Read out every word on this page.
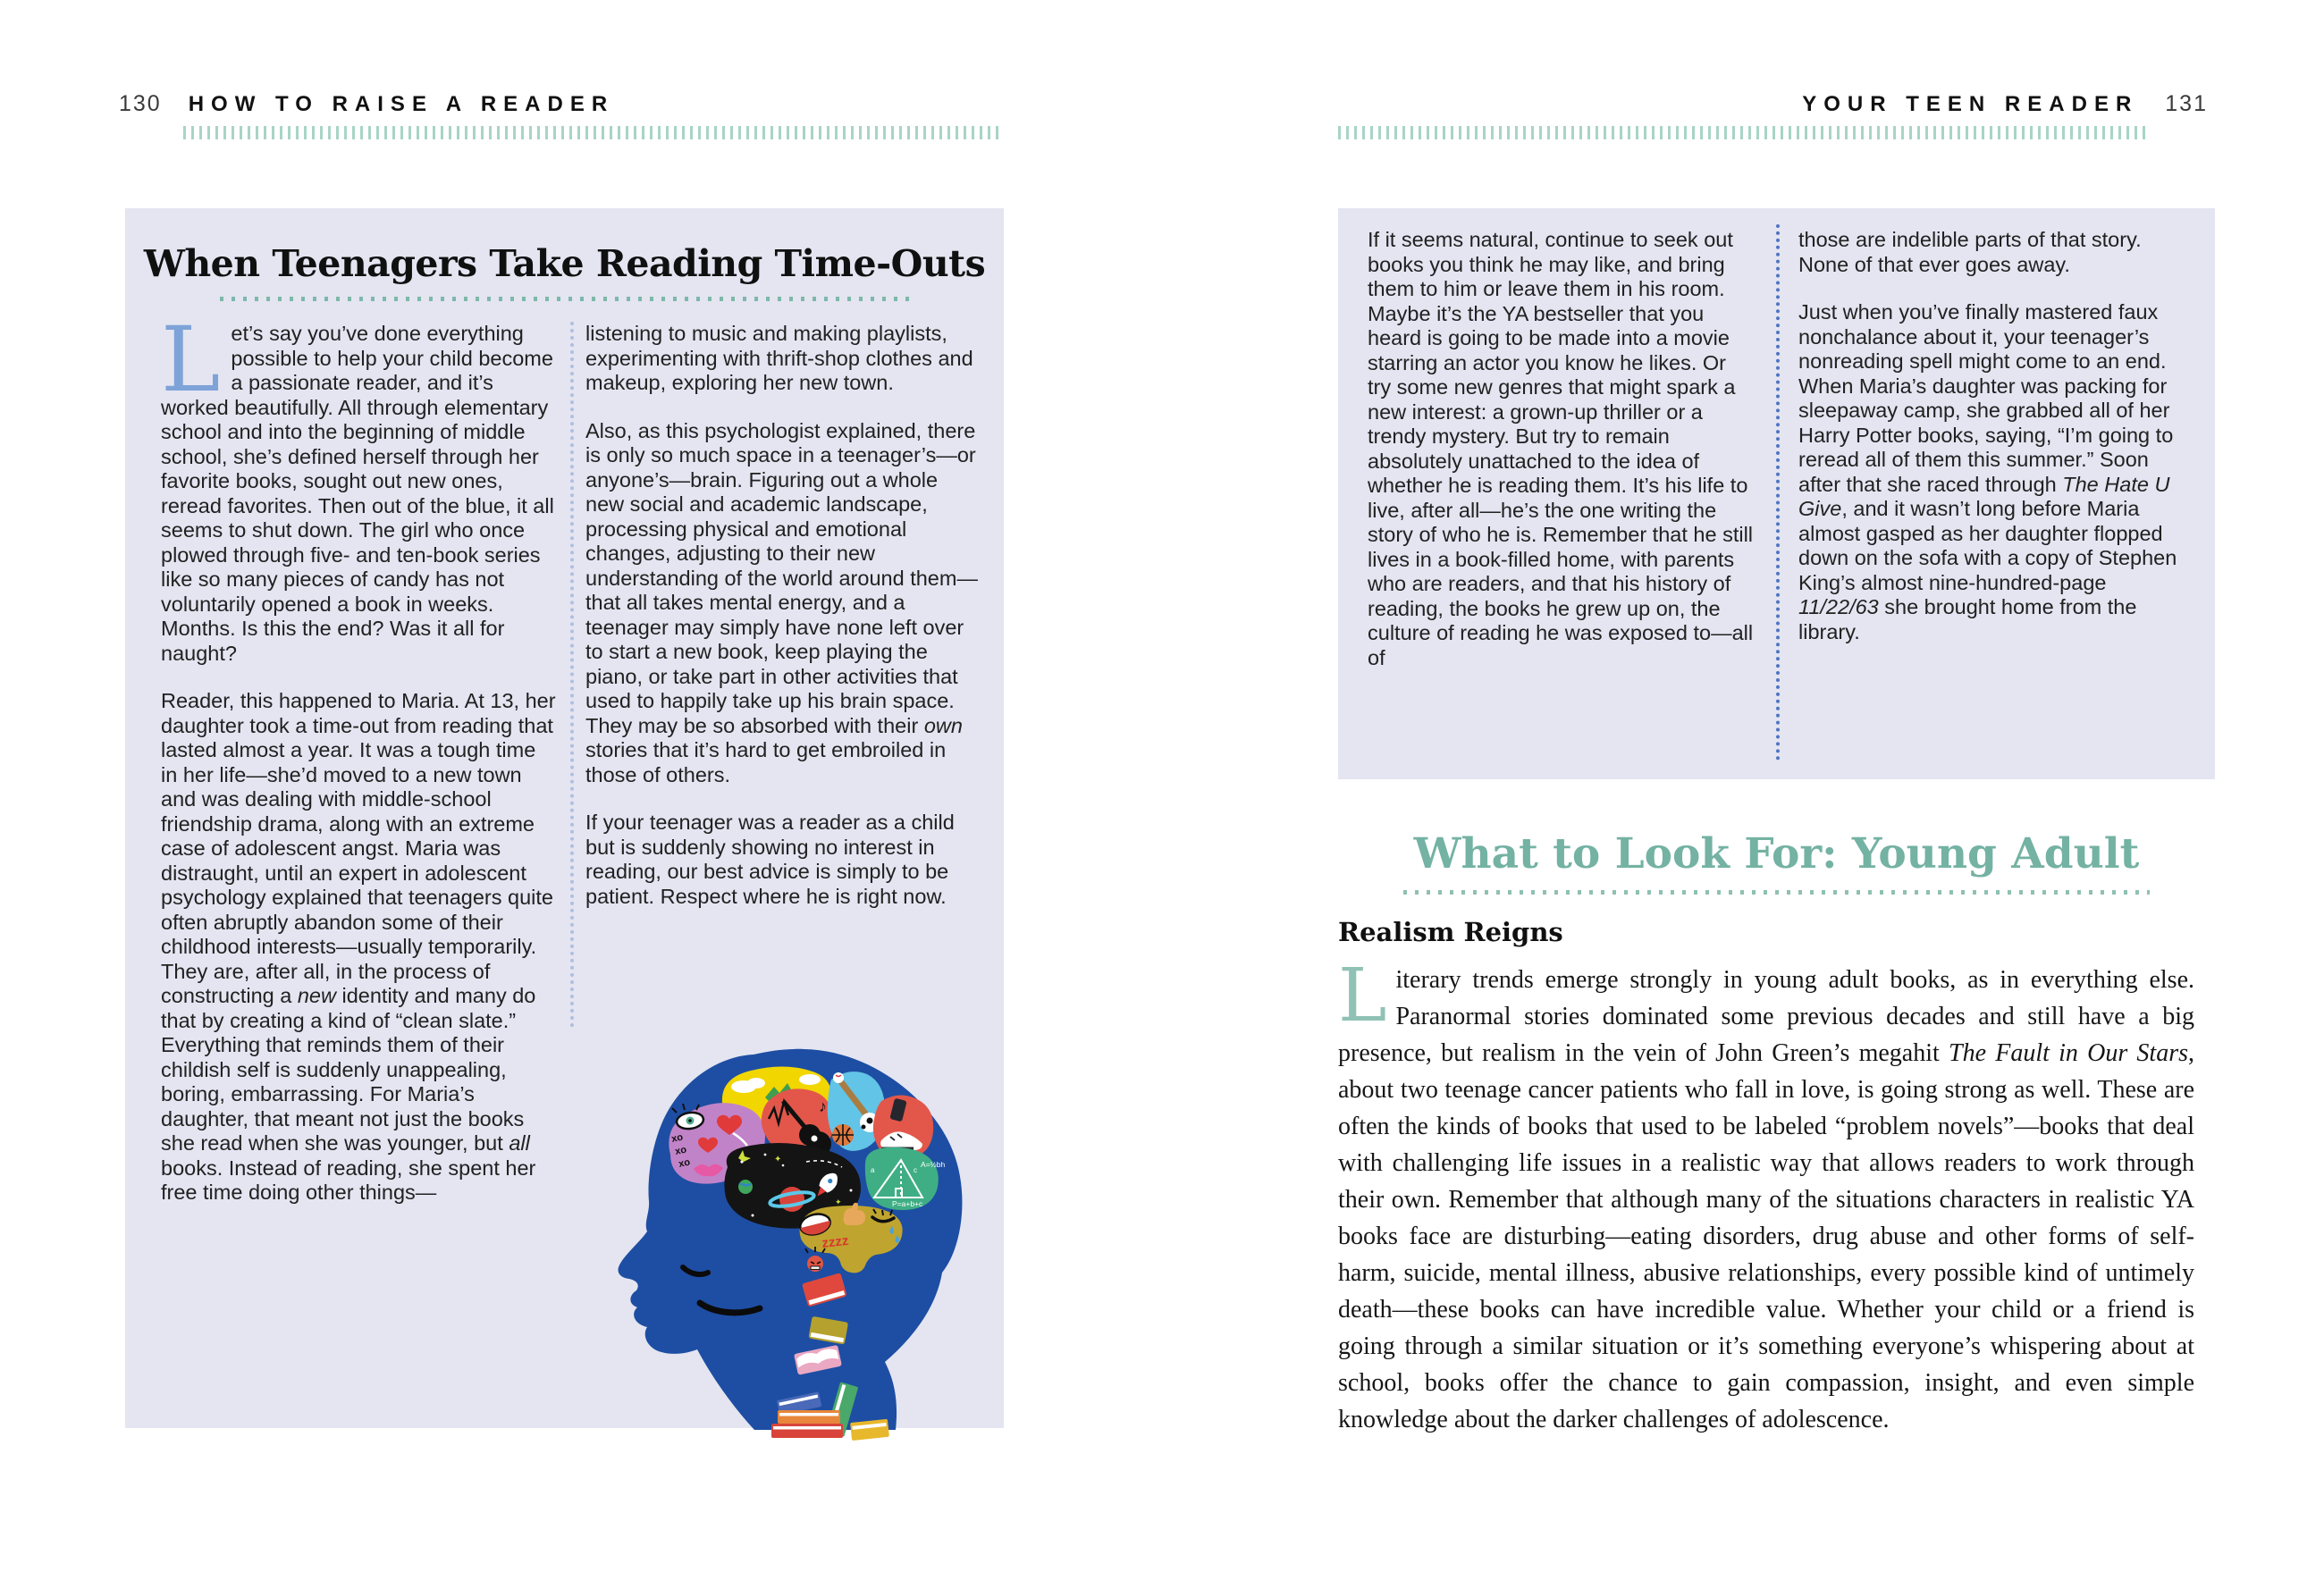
130 HOW TO RAISE A READER	YOUR TEEN READER 131
When Teenagers Take Reading Time-Outs

Let’s say you’ve done everything possible to help your child become a passionate reader, and it’s worked beautifully. All through elementary school and into the beginning of middle school, she’s defined herself through her favorite books, sought out new ones, reread favorites. Then out of the blue, it all seems to shut down. The girl who once plowed through five- and ten-book series like so many pieces of candy has not voluntarily opened a book in weeks. Months. Is this the end? Was it all for naught?

Reader, this happened to Maria. At 13, her daughter took a time-out from reading that lasted almost a year. It was a tough time in her life—she’d moved to a new town and was dealing with middle-school friendship drama, along with an extreme case of adolescent angst. Maria was distraught, until an expert in adolescent psychology explained that teenagers quite often abruptly abandon some of their childhood interests—usually temporarily. They are, after all, in the process of constructing a new identity and many do that by creating a kind of “clean slate.” Everything that reminds them of their childish self is suddenly unappealing, boring, embarrassing. For Maria’s daughter, that meant not just the books she read when she was younger, but all books. Instead of reading, she spent her free time doing other things—

listening to music and making playlists, experimenting with thrift-shop clothes and makeup, exploring her new town.

Also, as this psychologist explained, there is only so much space in a teenager’s—or anyone’s—brain. Figuring out a whole new social and academic landscape, processing physical and emotional changes, adjusting to their new understanding of the world around them—that all takes mental energy, and a teenager may simply have none left over to start a new book, keep playing the piano, or take part in other activities that used to happily take up his brain space. They may be so absorbed with their own stories that it’s hard to get embroiled in those of others.

If your teenager was a reader as a child but is suddenly showing no interest in reading, our best advice is simply to be patient. Respect where he is right now.

xo
xo
xo
♪
✦
✦
a	c
A=½bh
P=a+b+c
zzzz

If it seems natural, continue to seek out books you think he may like, and bring them to him or leave them in his room. Maybe it’s the YA bestseller that you heard is going to be made into a movie starring an actor you know he likes. Or try some new genres that might spark a new interest: a grown-up thriller or a trendy mystery. But try to remain absolutely unattached to the idea of whether he is reading them. It’s his life to live, after all—he’s the one writing the story of who he is. Remember that he still lives in a book-filled home, with parents who are readers, and that his history of reading, the books he grew up on, the culture of reading he was exposed to—all of

those are indelible parts of that story. None of that ever goes away.

Just when you’ve finally mastered faux nonchalance about it, your teenager’s nonreading spell might come to an end. When Maria’s daughter was packing for sleepaway camp, she grabbed all of her Harry Potter books, saying, “I’m going to reread all of them this summer.” Soon after that she raced through The Hate U Give, and it wasn’t long before Maria almost gasped as her daughter flopped down on the sofa with a copy of Stephen King’s almost nine-hundred-page 11/22/63 she brought home from the library.

What to Look For: Young Adult
Realism Reigns
Literary trends emerge strongly in young adult books, as in everything else. Paranormal stories dominated some previous decades and still have a big presence, but realism in the vein of John Green’s megahit The Fault in Our Stars, about two teenage cancer patients who fall in love, is going strong as well. These are often the kinds of books that used to be labeled “problem novels”—books that deal with challenging life issues in a realistic way that allows readers to work through their own. Remember that although many of the situations characters in realistic YA books face are disturbing—eating disorders, drug abuse and other forms of self-harm, suicide, mental illness, abusive relationships, every possible kind of untimely death—these books can have incredible value. Whether your child or a friend is going through a similar situation or it’s something everyone’s whispering about at school, books offer the chance to gain compassion, insight, and even simple knowledge about the darker challenges of adolescence.
